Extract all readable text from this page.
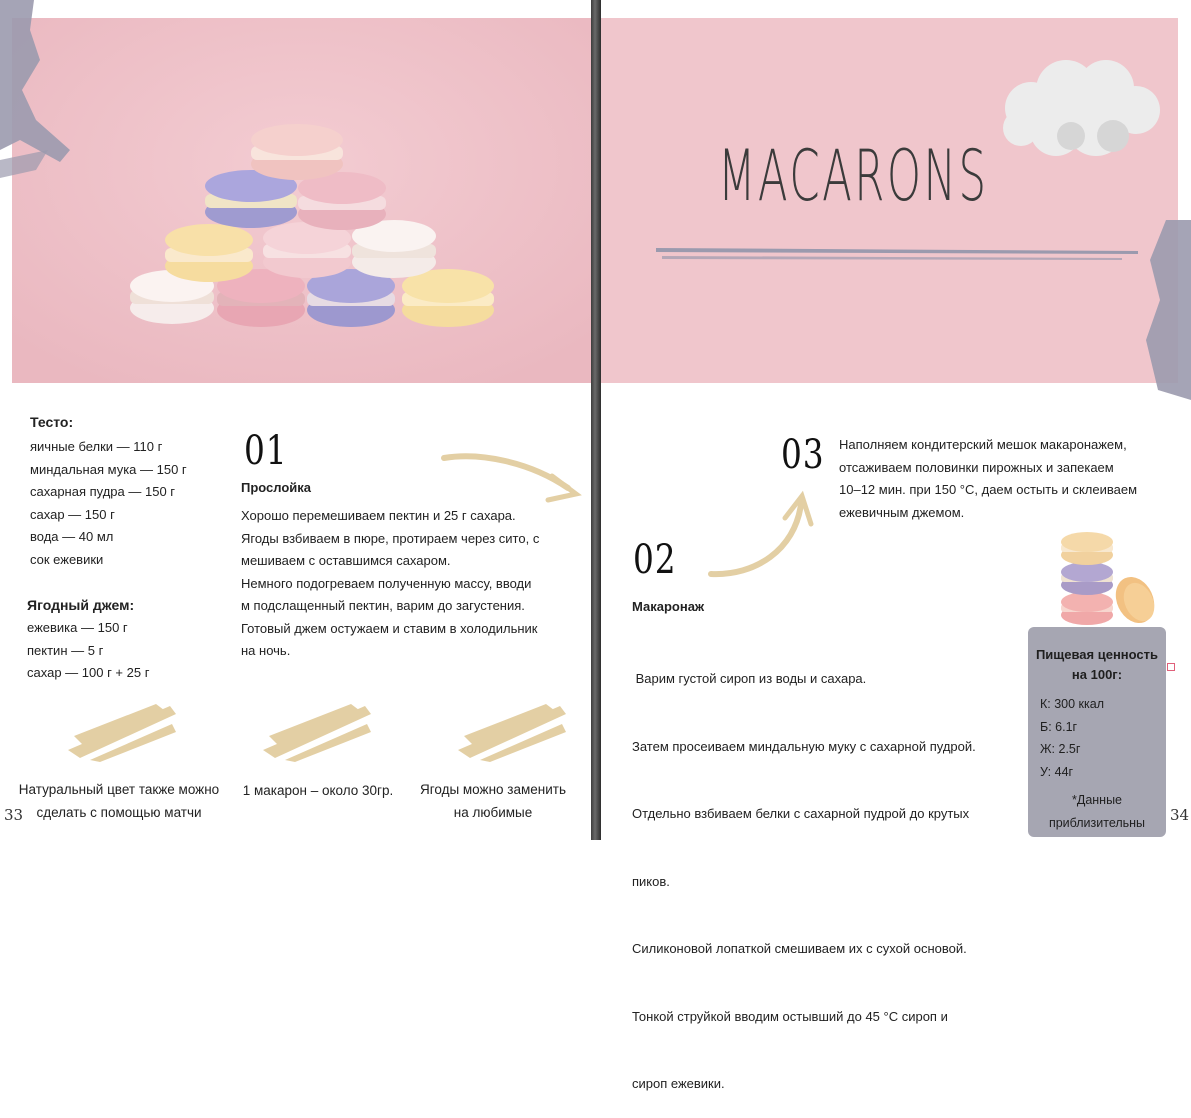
MACARONS
Тесто:
яичные белки — 110 г
миндальная мука — 150 г
сахарная пудра — 150 г
сахар — 150 г
вода — 40 мл
сок ежевики
Ягодный джем:
ежевика — 150 г
пектин — 5 г
сахар — 100 г + 25 г
01
Прослойка
Хорошо перемешиваем пектин и 25 г сахара.
Ягоды взбиваем в пюре, протираем через сито, с
мешиваем с оставшимся сахаром.
Немного подогреваем полученную массу, вводи
м подслащенный пектин, варим до загустения.
Готовый джем остужаем и ставим в холодильник
на ночь.
02
Макаронаж

Варим густой сироп из воды и сахара.

Затем просеиваем миндальную муку с сахарной пудрой.

Отдельно взбиваем белки с сахарной пудрой до крутых

пиков.

Силиконовой лопаткой смешиваем их с сухой основой.

Тонкой струйкой вводим остывший до 45 °C сироп и

сироп ежевики.

03 Наполняем кондитерский мешок макаронажем,
отсаживаем половинки пирожных и запекаем
10–12 мин. при 150 °C, даем остыть и склеиваем
ежевичным джемом.
Пищевая ценность
на 100г:
К: 300 ккал
Б: 6.1г
Ж: 2.5г
У: 44г
*Данные
приблизительны
Натуральный цвет также можно
сделать с помощью матчи
1 макарон – около 30гр.	Ягоды можно заменить
на любимые
33	34
